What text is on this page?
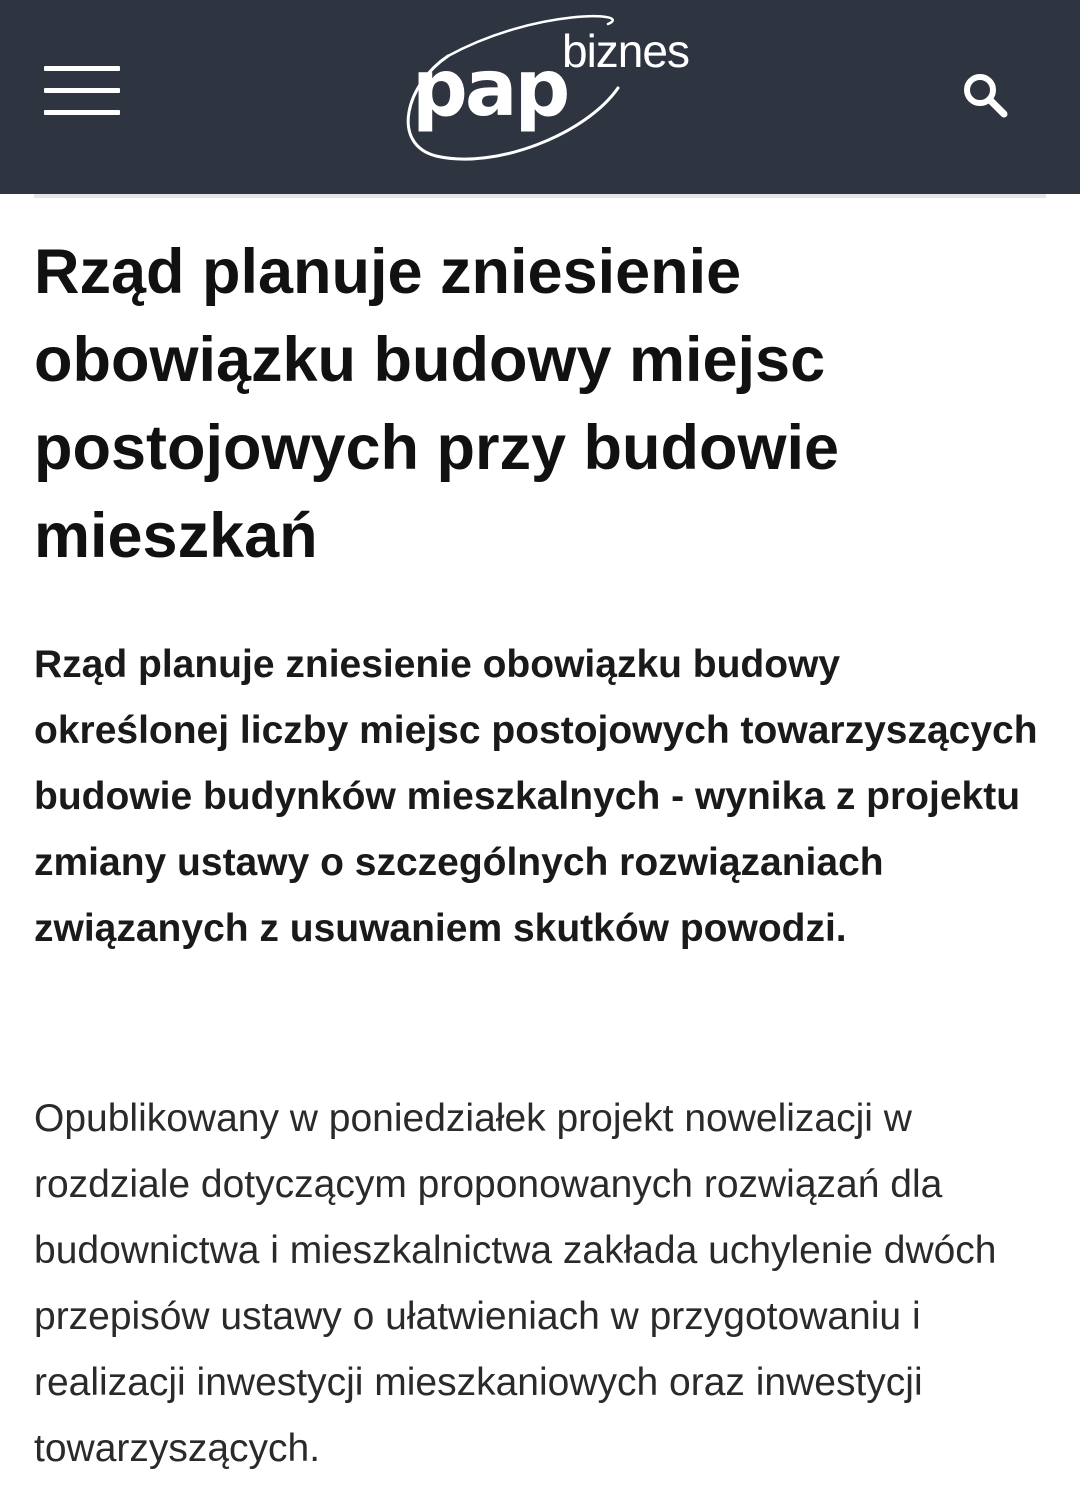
pap
biznes
Rząd planuje zniesienie obowiązku budowy miejsc postojowych przy budowie mieszkań

Rząd planuje zniesienie obowiązku budowy określonej liczby miejsc postojowych towarzyszących budowie budynków mieszkalnych - wynika z projektu zmiany ustawy o szczególnych rozwiązaniach związanych z usuwaniem skutków powodzi.

Opublikowany w poniedziałek projekt nowelizacji w rozdziale dotyczącym proponowanych rozwiązań dla budownictwa i mieszkalnictwa zakłada uchylenie dwóch przepisów ustawy o ułatwieniach w przygotowaniu i realizacji inwestycji mieszkaniowych oraz inwestycji towarzyszących.
